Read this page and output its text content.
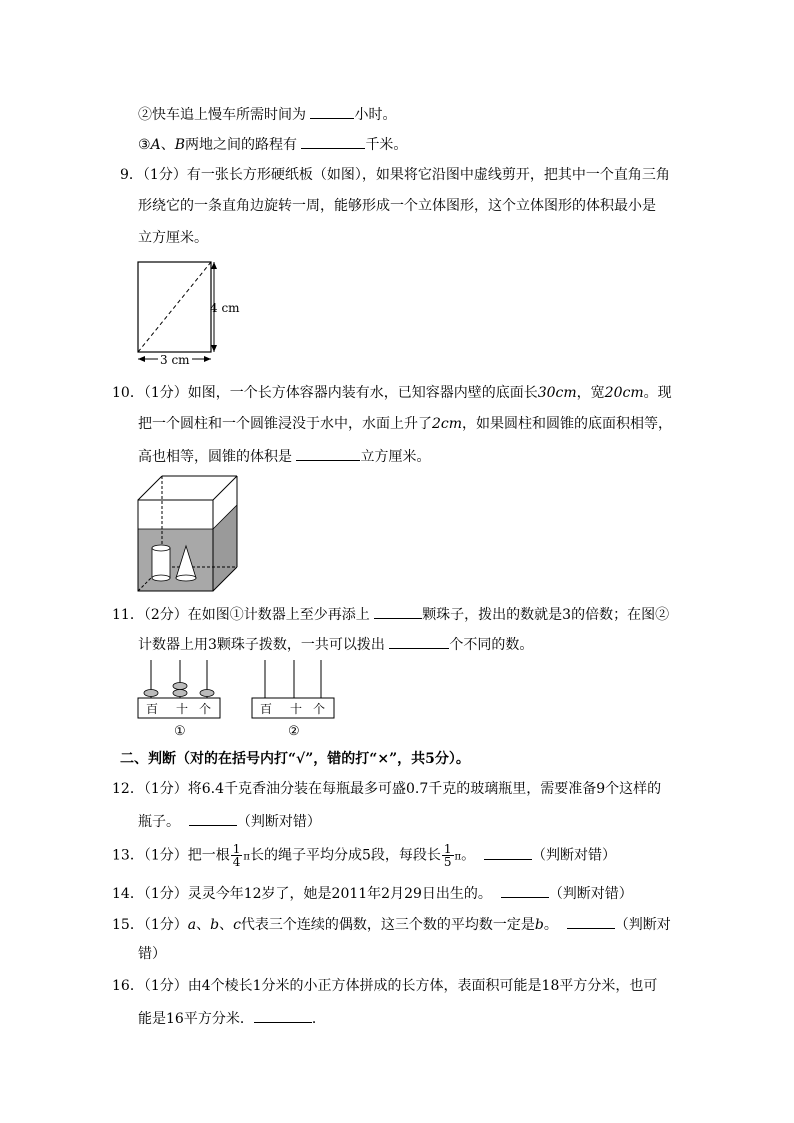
②快车追上慢车所需时间为	小时。
③A、B两地之间的路程有	千米。
9．（1分）有一张长方形硬纸板（如图），如果将它沿图中虚线剪开，把其中一个直角三角
形绕它的一条直角边旋转一周，能够形成一个立体图形，这个立体图形的体积最小是
立方厘米。
4 cm
3 cm
10．（1分）如图，一个长方体容器内装有水，已知容器内壁的底面长30cm，宽20cm。现
把一个圆柱和一个圆锥浸没于水中，水面上升了2cm，如果圆柱和圆锥的底面积相等，
高也相等，圆锥的体积是	立方厘米。
11．（2分）在如图①计数器上至少再添上	颗珠子，拨出的数就是3的倍数；在图②
计数器上用3颗珠子拨数，一共可以拨出	个不同的数。
百 十 个
①
百 十 个
②
二、判断（对的在括号内打“√”，错的打“×”，共5分）。
12．（1分）将6.4千克香油分装在每瓶最多可盛0.7千克的玻璃瓶里，需要准备9个这样的
瓶子。	（判断对错）
13．（1分）把一根 $\frac{1}{4}$ π长的绳子平均分成5段，每段长 $\frac{1}{5}$ π。	（判断对错）
14．（1分）灵灵今年12岁了，她是2011年2月29日出生的。	（判断对错）
15．（1分）a、b、c代表三个连续的偶数，这三个数的平均数一定是b。	（判断对
错）
16．（1分）由4个棱长1分米的小正方体拼成的长方体，表面积可能是18平方分米，也可
能是16平方分米．	．
